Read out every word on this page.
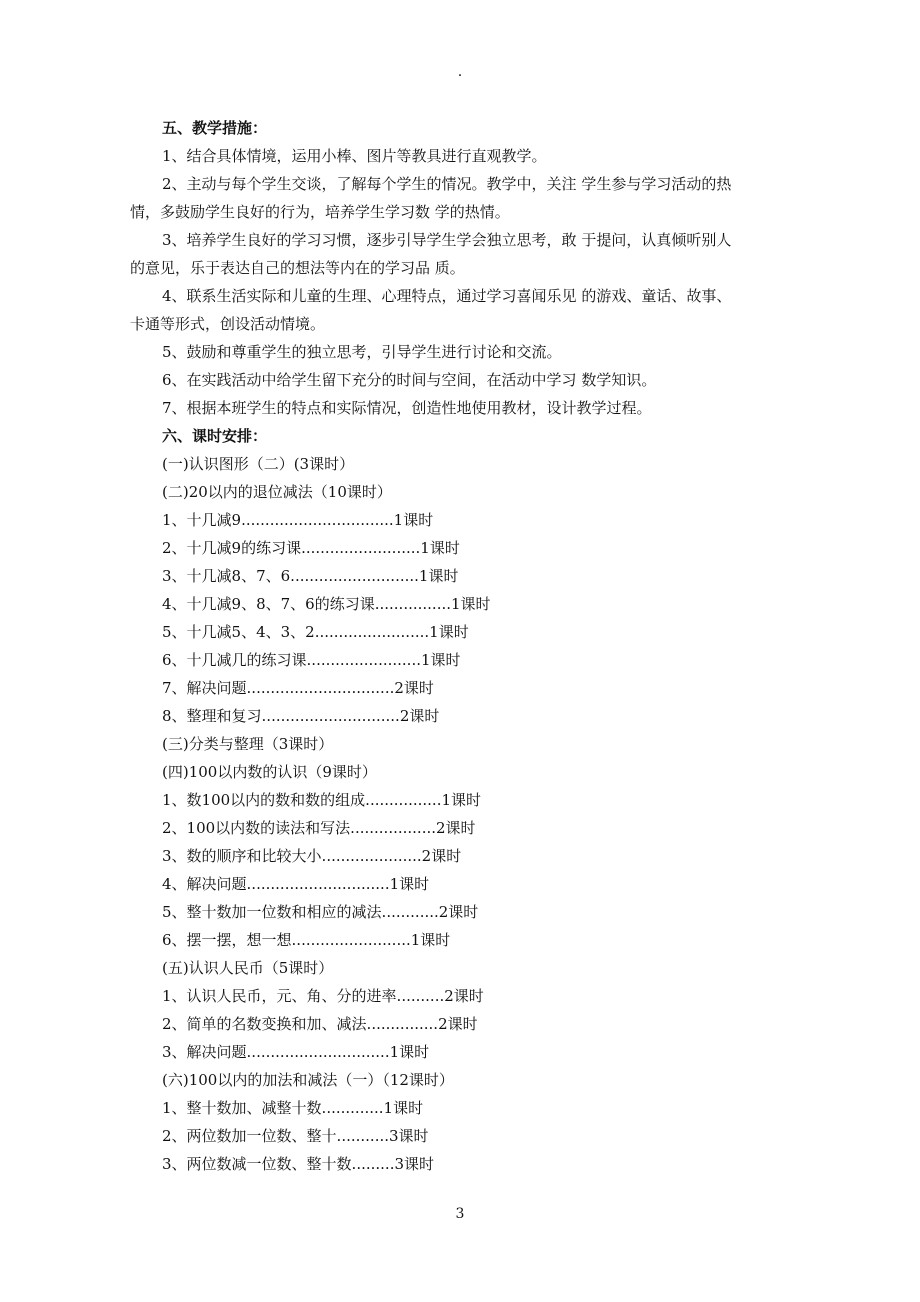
.
五、教学措施：
1、结合具体情境，运用小棒、图片等教具进行直观教学。
2、主动与每个学生交谈，了解每个学生的情况。教学中，关注 学生参与学习活动的热
情，多鼓励学生良好的行为，培养学生学习数 学的热情。
3、培养学生良好的学习习惯，逐步引导学生学会独立思考，敢 于提问，认真倾听别人
的意见，乐于表达自己的想法等内在的学习品 质。
4、联系生活实际和儿童的生理、心理特点，通过学习喜闻乐见 的游戏、童话、故事、
卡通等形式，创设活动情境。
5、鼓励和尊重学生的独立思考，引导学生进行讨论和交流。
6、在实践活动中给学生留下充分的时间与空间，在活动中学习 数学知识。
7、根据本班学生的特点和实际情况，创造性地使用教材，设计教学过程。
六、课时安排：
(一)认识图形（二）(3课时）
(二)20以内的退位减法（10课时）
1、十几减9................................1课时
2、十几减9的练习课.........................1课时
3、十几减8、7、6...........................1课时
4、十几减9、8、7、6的练习课................1课时
5、十几减5、4、3、2........................1课时
6、十几减几的练习课........................1课时
7、解决问题...............................2课时
8、整理和复习.............................2课时
(三)分类与整理（3课时）
(四)100以内数的认识（9课时）
1、数100以内的数和数的组成................1课时
2、100以内数的读法和写法..................2课时
3、数的顺序和比较大小.....................2课时
4、解决问题..............................1课时
5、整十数加一位数和相应的减法............2课时
6、摆一摆，想一想.........................1课时
(五)认识人民币（5课时）
1、认识人民币，元、角、分的进率..........2课时
2、简单的名数变换和加、减法...............2课时
3、解决问题..............................1课时
(六)100以内的加法和减法（一）（12课时）
1、整十数加、减整十数.............1课时
2、两位数加一位数、整十...........3课时
3、两位数减一位数、整十数.........3课时
3
